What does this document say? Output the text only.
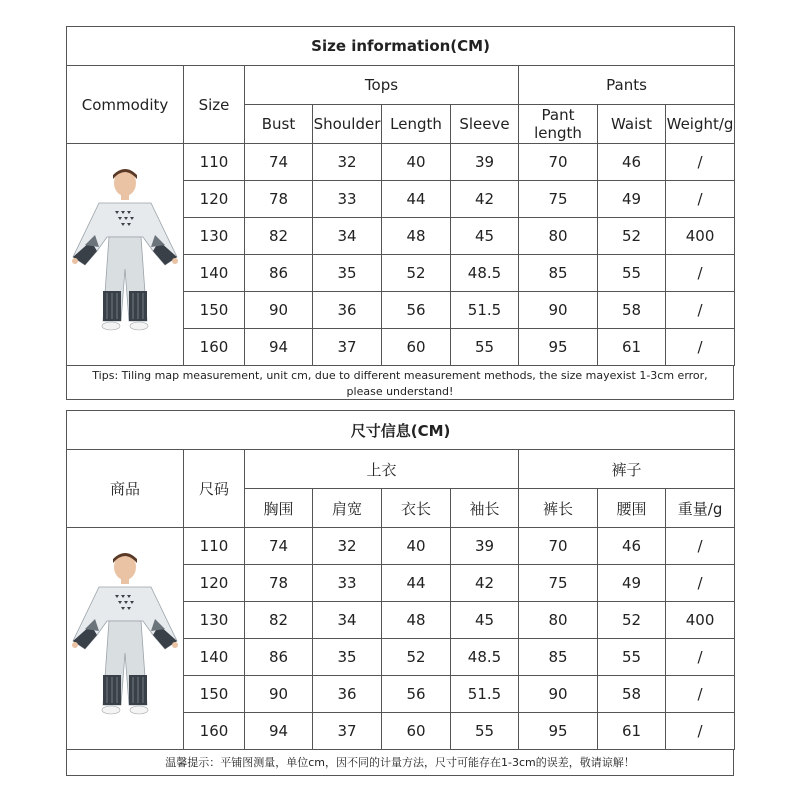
Size information(CM)								
Commodity	Size	Tops				Pants		
		Bust	Shoulder	Length	Sleeve	Pant length	Waist	Weight/g

	110	74	32	40	39	70	46	/
	120	78	33	44	42	75	49	/
	130	82	34	48	45	80	52	400
	140	86	35	52	48.5	85	55	/
	150	90	36	56	51.5	90	58	/
	160	94	37	60	55	95	61	/
Tips: Tiling map measurement, unit cm, due to different measurement methods, the size mayexist 1-3cm error, please understand!
尺寸信息(CM)								
商品	尺码	上衣				裤子		
		胸围	肩宽	衣长	袖长	裤长	腰围	重量/g

	110	74	32	40	39	70	46	/
	120	78	33	44	42	75	49	/
	130	82	34	48	45	80	52	400
	140	86	35	52	48.5	85	55	/
	150	90	36	56	51.5	90	58	/
	160	94	37	60	55	95	61	/
温馨提示：平铺图测量，单位cm，因不同的计量方法，尺寸可能存在1-3cm的误差，敬请谅解！
